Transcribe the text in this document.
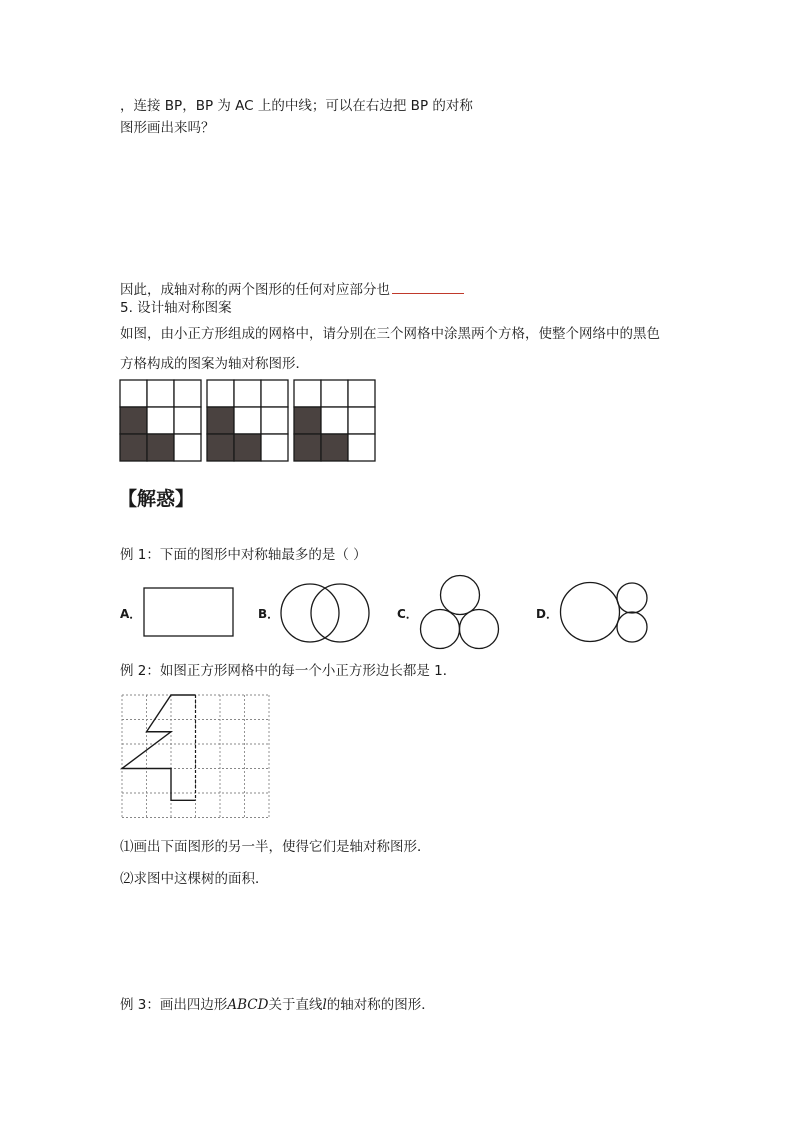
，连接 BP，BP 为 AC 上的中线；可以在右边把 BP 的对称
图形画出来吗？
因此，成轴对称的两个图形的任何对应部分也
5. 设计轴对称图案
如图，由小正方形组成的网格中，请分别在三个网格中涂黑两个方格，使整个网络中的黑色
方格构成的图案为轴对称图形．
【解惑】
例 1：下面的图形中对称轴最多的是（ ）
A．	B．	C．	D．
例 2：如图正方形网格中的每一个小正方形边长都是 1．
⑴画出下面图形的另一半，使得它们是轴对称图形．
⑵求图中这棵树的面积．
例 3：画出四边形ABCD关于直线l的轴对称的图形．
